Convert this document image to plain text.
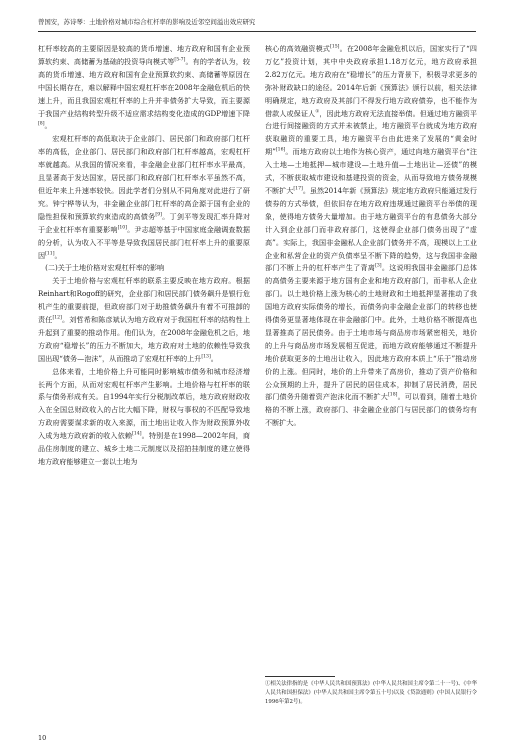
曾国安，苏诗琴：土地价格对城市综合杠杆率的影响及近邻空间溢出效应研究

杠杆率较高的主要原因是较高的货币增速、地方政府和国有企业预算软约束、高储蓄为基础的投资导向模式等[5-7]。有的学者认为，较高的货币增速、地方政府和国有企业预算软约束、高储蓄等原因在中国长期存在，难以解释中国宏观杠杆率在2008年金融危机后的快速上升，而且我国宏观杠杆率的上升并非债务扩大导致，而主要源于我国产业结构转型升级不适应需求结构变化造成的GDP增速下降[8]。

宏观杠杆率的高低取决于企业部门、居民部门和政府部门杠杆率的高低，企业部门、居民部门和政府部门杠杆率越高，宏观杠杆率就越高。从我国的情况来看，非金融企业部门杠杆率水平最高，且显著高于发达国家，居民部门和政府部门杠杆率水平虽然不高，但近年来上升速率较快。因此学者们分别从不同角度对此进行了研究。钟宁桦等认为，非金融企业部门杠杆率的高企源于国有企业的隐性担保和预算软约束造成的高债务[9]。丁剑平等发现汇率升降对于企业杠杆率有重要影响[10]。尹志超等基于中国家庭金融调查数据的分析，认为收入不平等是导致我国居民部门杠杆率上升的重要原因[11]。

(二)关于土地价格对宏观杠杆率的影响

关于土地价格与宏观杠杆率的联系主要反映在地方政府。根据Reinhart和Rogoff的研究，企业部门和居民部门债务飙升是银行危机产生的重要前提，但政府部门对于助推债务飙升有着不可推卸的责任[12]。刘哲希和陈彦斌认为地方政府对于我国杠杆率的结构性上升起到了重要的推动作用。他们认为，在2008年金融危机之后，地方政府“稳增长”的压力不断加大，地方政府对土地的依赖性导致我国出现“债务—泡沫”，从而推动了宏观杠杆率的上升[13]。

总体来看，土地价格上升可能同时影响城市债务和城市经济增长两个方面，从而对宏观杠杆率产生影响。土地价格与杠杆率的联系与债务形成有关。自1994年实行分税制改革后，地方政府财政收入在全国总财政收入的占比大幅下降，财权与事权的不匹配导致地方政府需要谋求新的收入来源，而土地出让收入作为财政预算外收入成为地方政府新的收入依赖[14]。特别是在1998—2002年间，商品住房制度的建立、城乡土地二元制度以及招拍挂制度的建立使得地方政府能够建立一套以土地为

核心的高效融资模式[15]。在2008年金融危机以后，国家实行了“四万亿”投资计划，其中中央政府承担1.18万亿元，地方政府承担2.82万亿元。地方政府在“稳增长”的压力背景下，积极寻求更多的弥补财政缺口的途径。2014年后新《预算法》颁行以前，相关法律明确规定，地方政府及其部门不得发行地方政府债券，也不能作为借款人或保证人①，因此地方政府无法直接举债。但通过地方融资平台进行间接融资的方式并未被禁止，地方融资平台就成为地方政府获取融资的重要工具，地方融资平台由此进来了发展的“黄金时期”[16]。而地方政府以土地作为核心资产，通过向地方融资平台“注入土地—土地抵押—城市建设—土地升值—土地出让—还债”的模式，不断获取城市建设和基建投资的资金，从而导致地方债务规模不断扩大[17]。虽然2014年新《预算法》规定地方政府只能通过发行债券的方式举债，但依旧存在地方政府违规通过融资平台举债的现象，使得地方债务大量增加。由于地方融资平台的有息债务大部分计入到企业部门而非政府部门，这使得企业部门债务出现了“虚高”。实际上，我国非金融私人企业部门债务并不高，现模以上工业企业和私营企业的资产负债率呈不断下降的趋势，这与我国非金融部门不断上升的杠杆率产生了背离[3]。这说明我国非金融部门总体的高债务主要来源于地方国有企业和地方政府部门，而非私人企业部门。以土地价格上涨为核心的土地财政和土地抵押显著推动了我国地方政府实际债务的增长，而债务向非金融企业部门的转移也使得债务更显著地体现在非金融部门中。此外，土地价格不断提高也显著推高了居民债务。由于土地市场与商品房市场紧密相关，地价的上升与商品房市场发展相互促进，而地方政府能够通过不断提升地价获取更多的土地出让收入，因此地方政府本质上“乐于”推动房价的上涨。但同时，地价的上升带来了高房价，推动了资产价格和公众预期的上升，提升了居民的居住成本，抑制了居民消费，居民部门债务升随着资产泡沫化而不断扩大[18]。可以看到，随着土地价格的不断上涨，政府部门、非金融企业部门与居民部门的债务均有不断扩大。

①相关法律指的是《中华人民共和国预算法》(中华人民共和国主席令第二十一号)、《中华人民共和国担保法》(中华人民共和国主席令第五十号)以及《贷款通则》(中国人民银行令1996年第2号)。
10
